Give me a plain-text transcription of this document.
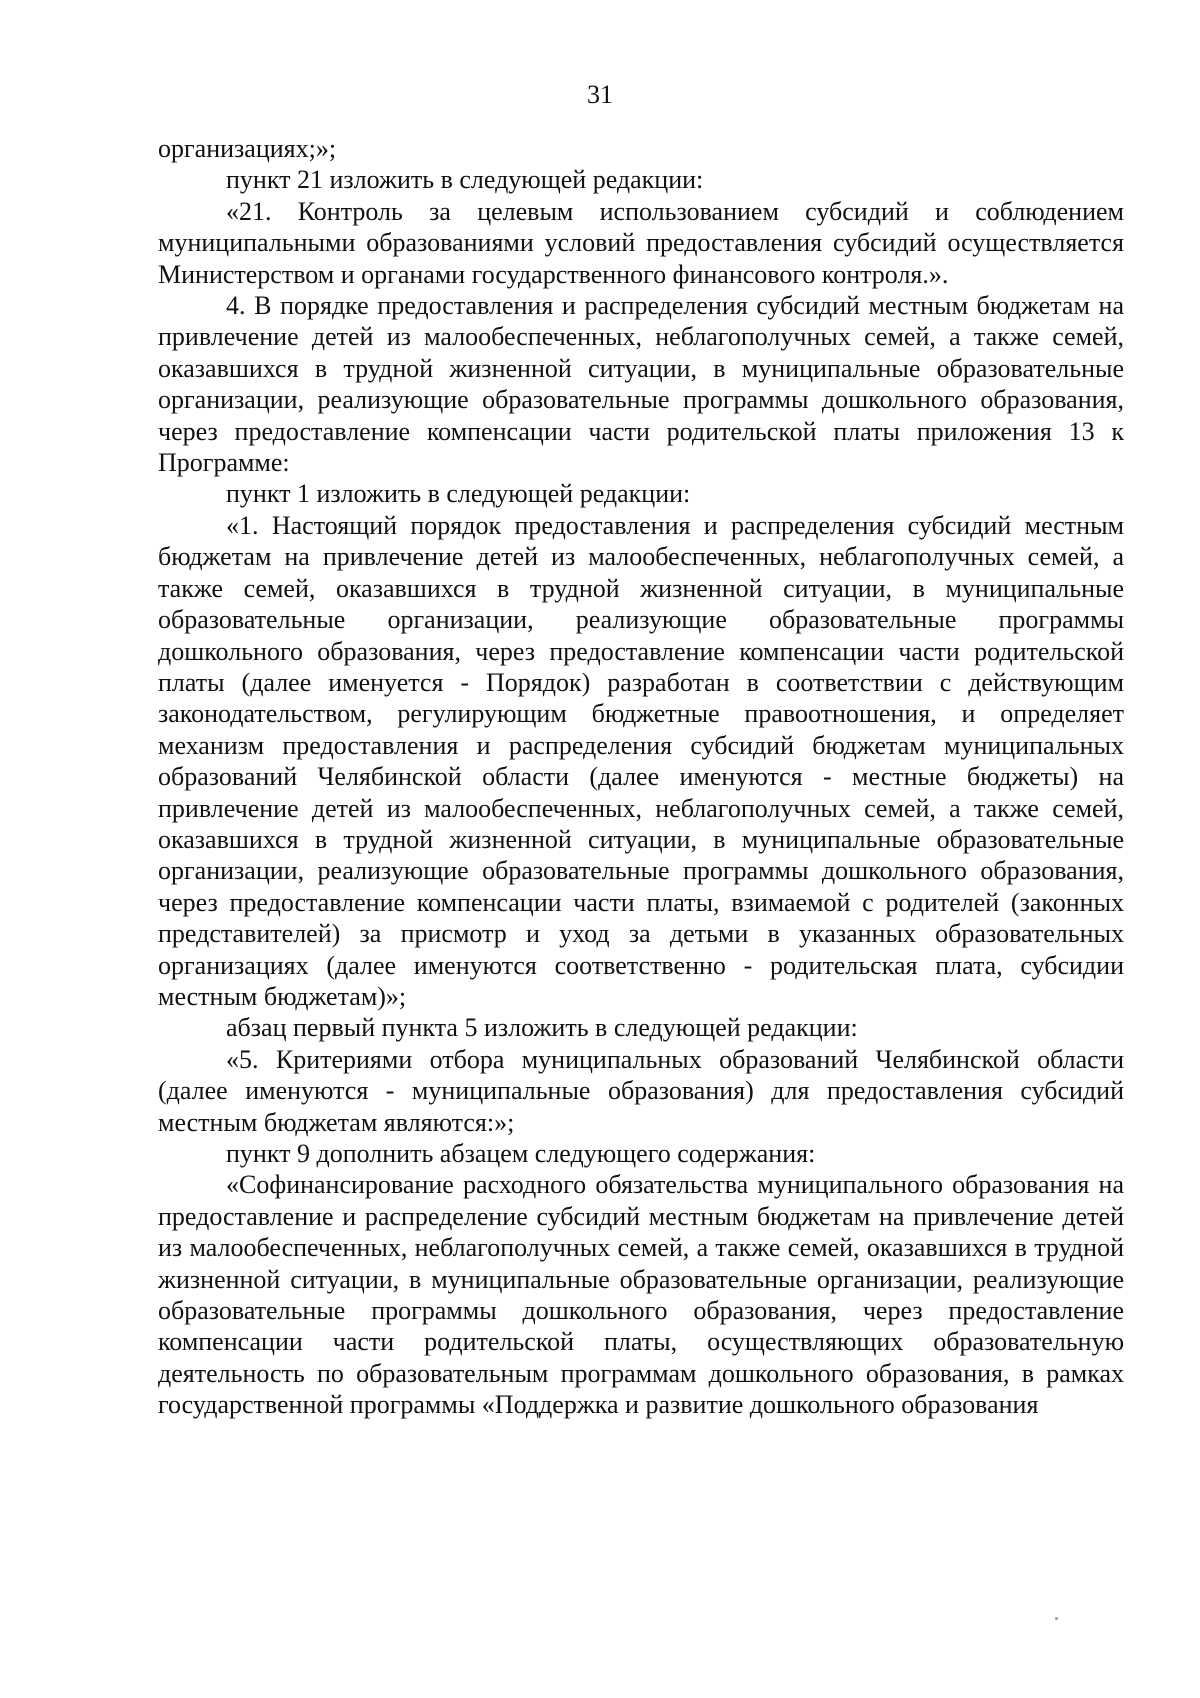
31

организациях;»;

пункт 21 изложить в следующей редакции:

«21. Контроль за целевым использованием субсидий и соблюдением муниципальными образованиями условий предоставления субсидий осуществляется Министерством и органами государственного финансового контроля.».

4. В порядке предоставления и распределения субсидий местным бюджетам на привлечение детей из малообеспеченных, неблагополучных семей, а также семей, оказавшихся в трудной жизненной ситуации, в муниципальные образовательные организации, реализующие образовательные программы дошкольного образования, через предоставление компенсации части родительской платы приложения 13 к Программе:

пункт 1 изложить в следующей редакции:

«1. Настоящий порядок предоставления и распределения субсидий местным бюджетам на привлечение детей из малообеспеченных, неблагополучных семей, а также семей, оказавшихся в трудной жизненной ситуации, в муниципальные образовательные организации, реализующие образовательные программы дошкольного образования, через предоставление компенсации части родительской платы (далее именуется - Порядок) разработан в соответствии с действующим законодательством, регулирующим бюджетные правоотношения, и определяет механизм предоставления и распределения субсидий бюджетам муниципальных образований Челябинской области (далее именуются - местные бюджеты) на привлечение детей из малообеспеченных, неблагополучных семей, а также семей, оказавшихся в трудной жизненной ситуации, в муниципальные образовательные организации, реализующие образовательные программы дошкольного образования, через предоставление компенсации части платы, взимаемой с родителей (законных представителей) за присмотр и уход за детьми в указанных образовательных организациях (далее именуются соответственно - родительская плата, субсидии местным бюджетам)»;

абзац первый пункта 5 изложить в следующей редакции:

«5. Критериями отбора муниципальных образований Челябинской области (далее именуются - муниципальные образования) для предоставления субсидий местным бюджетам являются:»;

пункт 9 дополнить абзацем следующего содержания:

«Софинансирование расходного обязательства муниципального образования на предоставление и распределение субсидий местным бюджетам на привлечение детей из малообеспеченных, неблагополучных семей, а также семей, оказавшихся в трудной жизненной ситуации, в муниципальные образовательные организации, реализующие образовательные программы дошкольного образования, через предоставление компенсации части родительской платы, осуществляющих образовательную деятельность по образовательным программам дошкольного образования, в рамках государственной программы «Поддержка и развитие дошкольного образования
